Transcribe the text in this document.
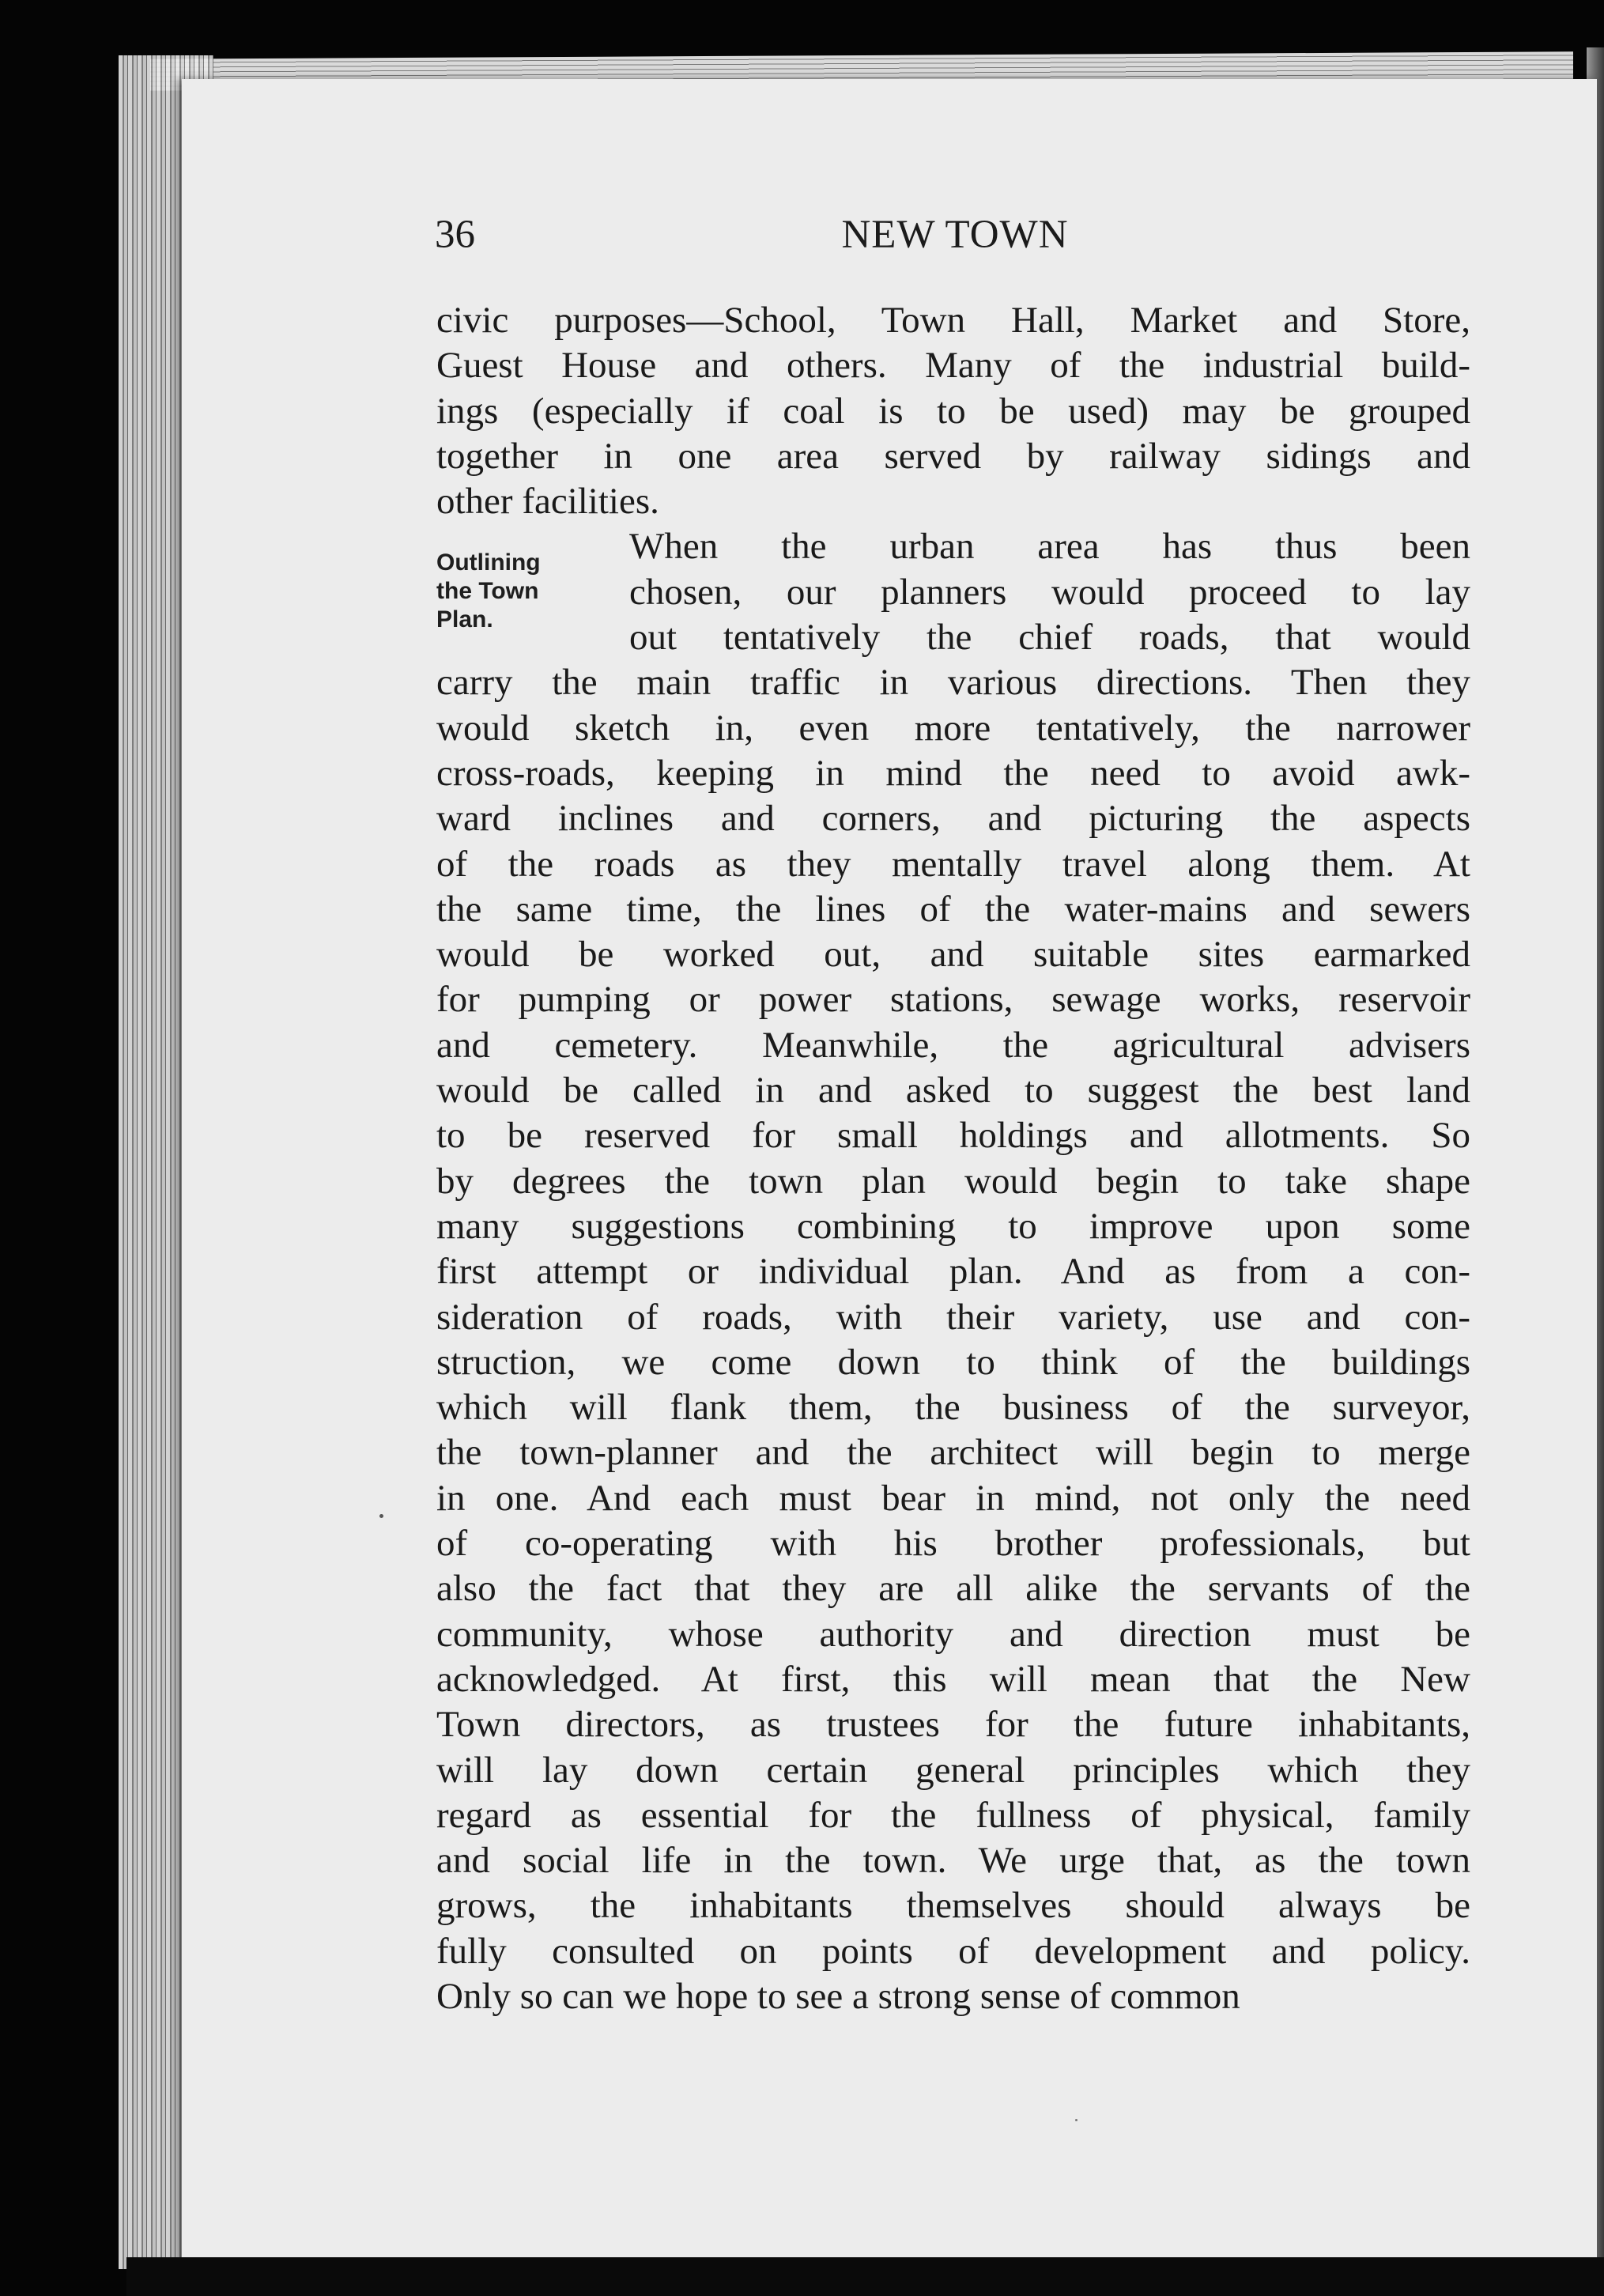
36	NEW TOWN
Outlining
the Town
Plan.
civic purposes—School, Town Hall, Market and Store,
Guest House and others. Many of the industrial build-
ings (especially if coal is to be used) may be grouped
together in one area served by railway sidings and
other facilities.
When the urban area has thus been
chosen, our planners would proceed to lay
out tentatively the chief roads, that would
carry the main traffic in various directions. Then they
would sketch in, even more tentatively, the narrower
cross-roads, keeping in mind the need to avoid awk-
ward inclines and corners, and picturing the aspects
of the roads as they mentally travel along them. At
the same time, the lines of the water-mains and sewers
would be worked out, and suitable sites earmarked
for pumping or power stations, sewage works, reservoir
and cemetery. Meanwhile, the agricultural advisers
would be called in and asked to suggest the best land
to be reserved for small holdings and allotments. So
by degrees the town plan would begin to take shape
many suggestions combining to improve upon some
first attempt or individual plan. And as from a con-
sideration of roads, with their variety, use and con-
struction, we come down to think of the buildings
which will flank them, the business of the surveyor,
the town-planner and the architect will begin to merge
in one. And each must bear in mind, not only the need
of co-operating with his brother professionals, but
also the fact that they are all alike the servants of the
community, whose authority and direction must be
acknowledged. At first, this will mean that the New
Town directors, as trustees for the future inhabitants,
will lay down certain general principles which they
regard as essential for the fullness of physical, family
and social life in the town. We urge that, as the town
grows, the inhabitants themselves should always be
fully consulted on points of development and policy.
Only so can we hope to see a strong sense of common
